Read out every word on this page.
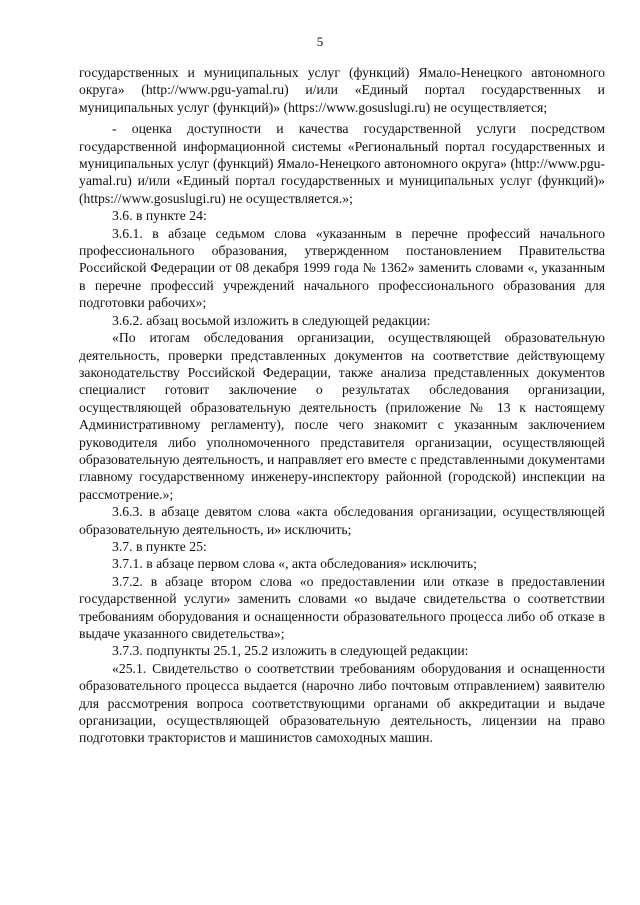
5

государственных и муниципальных услуг (функций) Ямало-Ненецкого автономного округа» (http://www.pgu-yamal.ru) и/или «Единый портал государственных и муниципальных услуг (функций)» (https://www.gosuslugi.ru) не осуществляется;

- оценка доступности и качества государственной услуги посредством государственной информационной системы «Региональный портал государственных и муниципальных услуг (функций) Ямало-Ненецкого автономного округа» (http://www.pgu-yamal.ru) и/или «Единый портал государственных и муниципальных услуг (функций)» (https://www.gosuslugi.ru) не осуществляется.»;

3.6. в пункте 24:

3.6.1. в абзаце седьмом слова «указанным в перечне профессий начального профессионального образования, утвержденном постановлением Правительства Российской Федерации от 08 декабря 1999 года № 1362» заменить словами «, указанным в перечне профессий учреждений начального профессионального образования для подготовки рабочих»;

3.6.2. абзац восьмой изложить в следующей редакции:

«По итогам обследования организации, осуществляющей образовательную деятельность, проверки представленных документов на соответствие действующему законодательству Российской Федерации, также анализа представленных документов специалист готовит заключение о результатах обследования организации, осуществляющей образовательную деятельность (приложение № 13 к настоящему Административному регламенту), после чего знакомит с указанным заключением руководителя либо уполномоченного представителя организации, осуществляющей образовательную деятельность, и направляет его вместе с представленными документами главному государственному инженеру-инспектору районной (городской) инспекции на рассмотрение.»;

3.6.3. в абзаце девятом слова «акта обследования организации, осуществляющей образовательную деятельность, и» исключить;

3.7. в пункте 25:

3.7.1. в абзаце первом слова «, акта обследования» исключить;

3.7.2. в абзаце втором слова «о предоставлении или отказе в предоставлении государственной услуги» заменить словами «о выдаче свидетельства о соответствии требованиям оборудования и оснащенности образовательного процесса либо об отказе в выдаче указанного свидетельства»;

3.7.3. подпункты 25.1, 25.2 изложить в следующей редакции:

«25.1. Свидетельство о соответствии требованиям оборудования и оснащенности образовательного процесса выдается (нарочно либо почтовым отправлением) заявителю для рассмотрения вопроса соответствующими органами об аккредитации и выдаче организации, осуществляющей образовательную деятельность, лицензии на право подготовки трактористов и машинистов самоходных машин.
